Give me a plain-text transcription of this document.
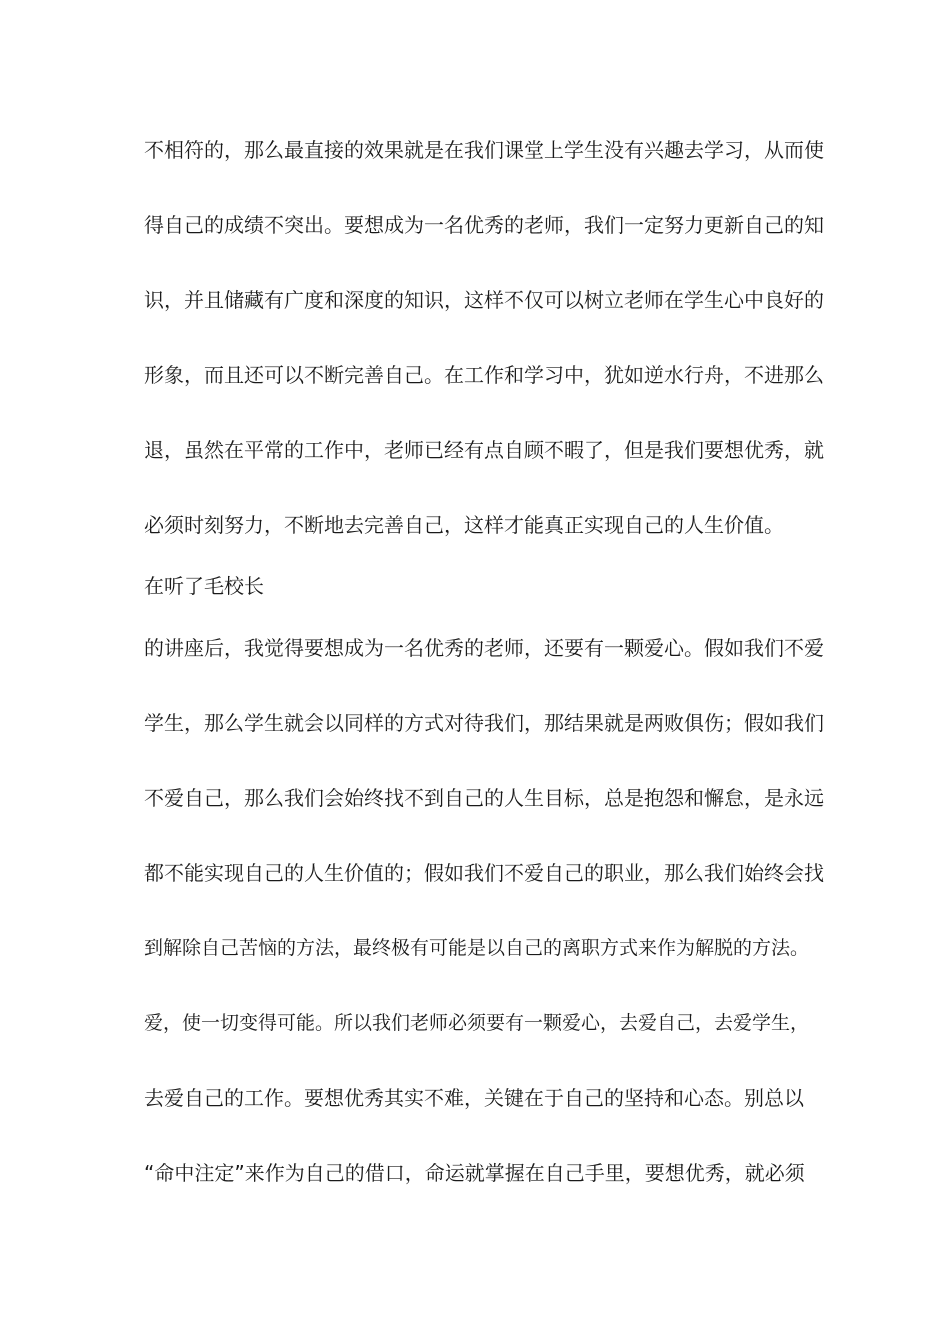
不相符的，那么最直接的效果就是在我们课堂上学生没有兴趣去学习，从而使
得自己的成绩不突出。要想成为一名优秀的老师，我们一定努力更新自己的知
识，并且储藏有广度和深度的知识，这样不仅可以树立老师在学生心中良好的
形象，而且还可以不断完善自己。在工作和学习中，犹如逆水行舟，不进那么
退，虽然在平常的工作中，老师已经有点自顾不暇了，但是我们要想优秀，就
必须时刻努力，不断地去完善自己，这样才能真正实现自己的人生价值。
在听了毛校长
的讲座后，我觉得要想成为一名优秀的老师，还要有一颗爱心。假如我们不爱
学生，那么学生就会以同样的方式对待我们，那结果就是两败俱伤；假如我们
不爱自己，那么我们会始终找不到自己的人生目标，总是抱怨和懈怠，是永远
都不能实现自己的人生价值的；假如我们不爱自己的职业，那么我们始终会找
到解除自己苦恼的方法，最终极有可能是以自己的离职方式来作为解脱的方法。
爱，使一切变得可能。所以我们老师必须要有一颗爱心，去爱自己，去爱学生，
去爱自己的工作。要想优秀其实不难，关键在于自己的坚持和心态。别总以
“命中注定”来作为自己的借口，命运就掌握在自己手里，要想优秀，就必须
